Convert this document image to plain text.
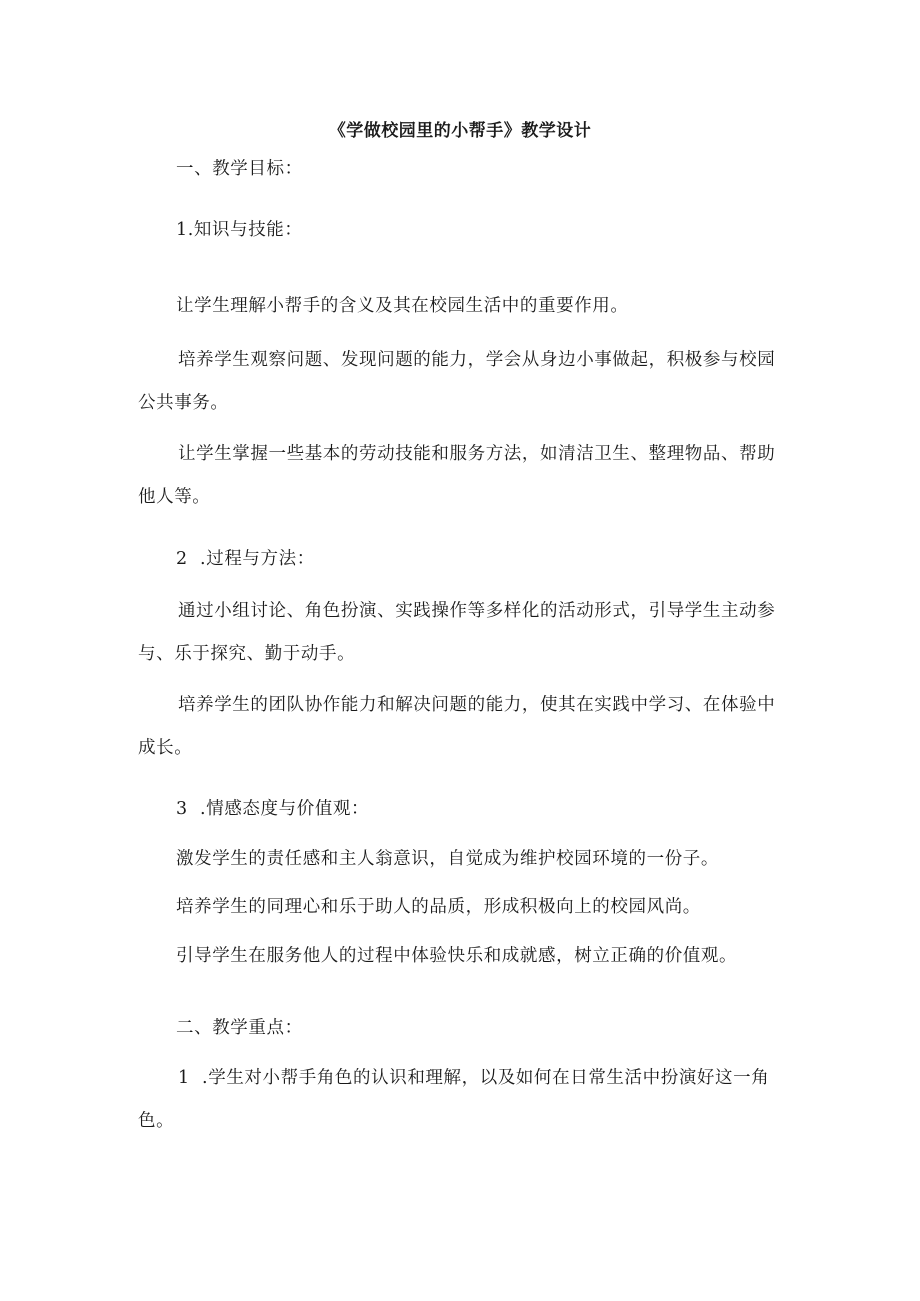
《学做校园里的小帮手》教学设计
一、教学目标：
1.知识与技能：
让学生理解小帮手的含义及其在校园生活中的重要作用。
培养学生观察问题、发现问题的能力，学会从身边小事做起，积极参与校园
公共事务。
让学生掌握一些基本的劳动技能和服务方法，如清洁卫生、整理物品、帮助
他人等。
2  .过程与方法：
通过小组讨论、角色扮演、实践操作等多样化的活动形式，引导学生主动参
与、乐于探究、勤于动手。
培养学生的团队协作能力和解决问题的能力，使其在实践中学习、在体验中
成长。
3  .情感态度与价值观：
激发学生的责任感和主人翁意识，自觉成为维护校园环境的一份子。
培养学生的同理心和乐于助人的品质，形成积极向上的校园风尚。
引导学生在服务他人的过程中体验快乐和成就感，树立正确的价值观。
二、教学重点：
1  .学生对小帮手角色的认识和理解，以及如何在日常生活中扮演好这一角
色。
